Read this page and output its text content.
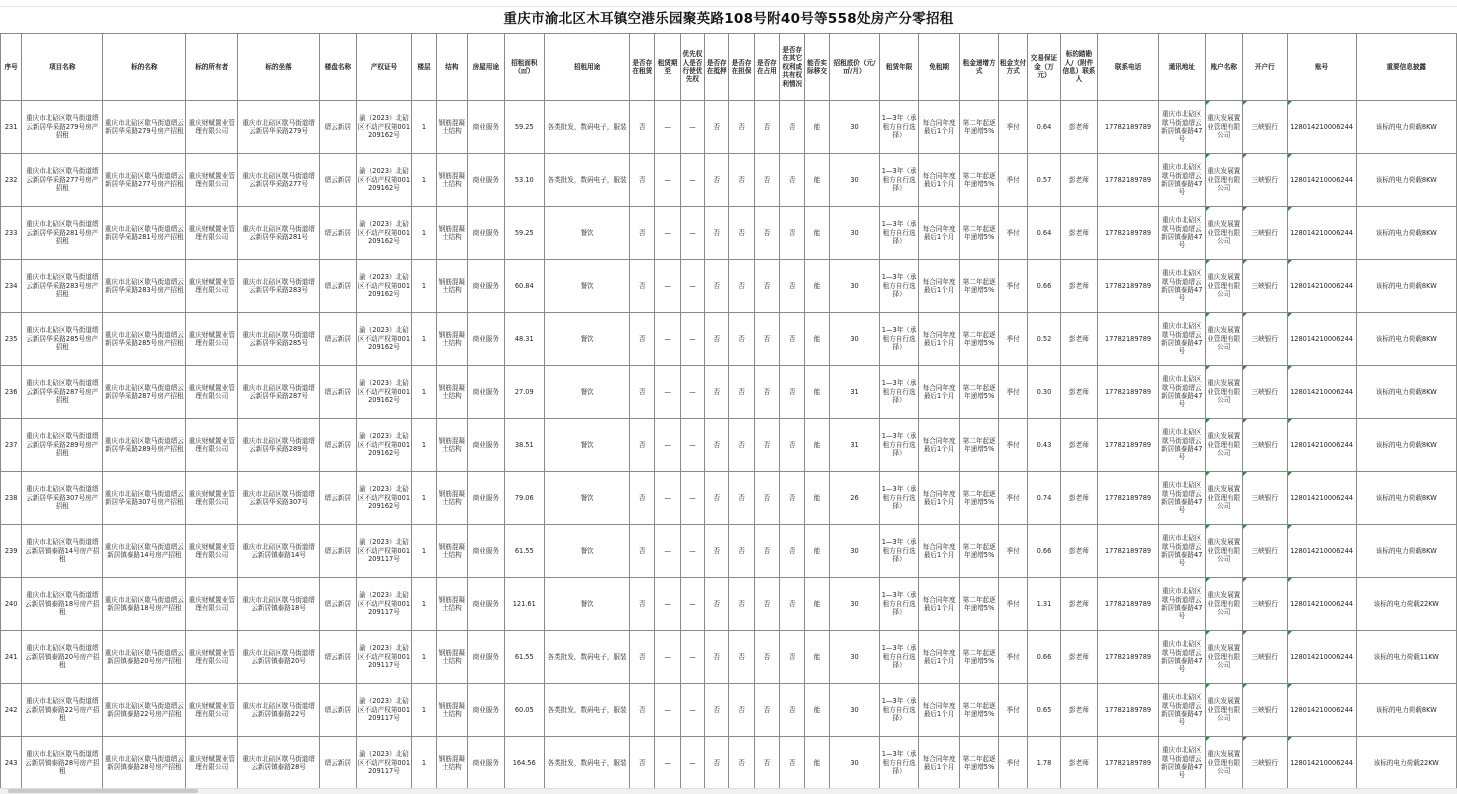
重庆市渝北区木耳镇空港乐园聚英路108号附40号等558处房产分零招租
序号	项目名称	标的名称	标的所有者	标的坐落	楼盘名称	产权证号	楼层	结构	房屋用途	招租面积（㎡）	招租用途	是否存在租赁	租赁期至	优先权人是否行使优先权	是否存在抵押	是否存在担保	是否存在占用	是否存在其它权利或共有权利情况	能否实际移交	招租底价（元/㎡/月）	租赁年限	免租期	租金递增方式	租金支付方式	交易保证金（万元）	标的踏勘人/（附件信息）联系人	联系电话	通讯地址	账户名称	开户行	账号	重要信息披露
231	重庆市北碚区歇马街道缙云新居华采路279号房产招租	重庆市北碚区歇马街道缙云新居华采路279号房产招租	重庆财赋置业管理有限公司	重庆市北碚区歇马街道缙云新居华采路279号	缙云新居	渝（2023）北碚区不动产权第001209162号	1	钢筋混凝土结构	商业服务	59.25	各类批发，数码电子，服装	否	—	—	否	否	否	否	能	30	1—3年（承租方自行选择）	每合同年度最后1个月	第二年起逐年递增5%	季付	0.64	彭老师	17782189789	重庆市北碚区歇马街道缙云新居镇泰路47号	重庆发展置业管理有限公司	三峡银行	128014210006244	该标的电力荷载8KW
232	重庆市北碚区歇马街道缙云新居华采路277号房产招租	重庆市北碚区歇马街道缙云新居华采路277号房产招租	重庆财赋置业管理有限公司	重庆市北碚区歇马街道缙云新居华采路277号	缙云新居	渝（2023）北碚区不动产权第001209162号	1	钢筋混凝土结构	商业服务	53.10	各类批发，数码电子，服装	否	—	—	否	否	否	否	能	30	1—3年（承租方自行选择）	每合同年度最后1个月	第二年起逐年递增5%	季付	0.57	彭老师	17782189789	重庆市北碚区歇马街道缙云新居镇泰路47号	重庆发展置业管理有限公司	三峡银行	128014210006244	该标的电力荷载8KW
233	重庆市北碚区歇马街道缙云新居华采路281号房产招租	重庆市北碚区歇马街道缙云新居华采路281号房产招租	重庆财赋置业管理有限公司	重庆市北碚区歇马街道缙云新居华采路281号	缙云新居	渝（2023）北碚区不动产权第001209162号	1	钢筋混凝土结构	商业服务	59.25	餐饮	否	—	—	否	否	否	否	能	30	1—3年（承租方自行选择）	每合同年度最后1个月	第二年起逐年递增5%	季付	0.64	彭老师	17782189789	重庆市北碚区歇马街道缙云新居镇泰路47号	重庆发展置业管理有限公司	三峡银行	128014210006244	该标的电力荷载8KW
234	重庆市北碚区歇马街道缙云新居华采路283号房产招租	重庆市北碚区歇马街道缙云新居华采路283号房产招租	重庆财赋置业管理有限公司	重庆市北碚区歇马街道缙云新居华采路283号	缙云新居	渝（2023）北碚区不动产权第001209162号	1	钢筋混凝土结构	商业服务	60.84	餐饮	否	—	—	否	否	否	否	能	30	1—3年（承租方自行选择）	每合同年度最后1个月	第二年起逐年递增5%	季付	0.66	彭老师	17782189789	重庆市北碚区歇马街道缙云新居镇泰路47号	重庆发展置业管理有限公司	三峡银行	128014210006244	该标的电力荷载8KW
235	重庆市北碚区歇马街道缙云新居华采路285号房产招租	重庆市北碚区歇马街道缙云新居华采路285号房产招租	重庆财赋置业管理有限公司	重庆市北碚区歇马街道缙云新居华采路285号	缙云新居	渝（2023）北碚区不动产权第001209162号	1	钢筋混凝土结构	商业服务	48.31	餐饮	否	—	—	否	否	否	否	能	30	1—3年（承租方自行选择）	每合同年度最后1个月	第二年起逐年递增5%	季付	0.52	彭老师	17782189789	重庆市北碚区歇马街道缙云新居镇泰路47号	重庆发展置业管理有限公司	三峡银行	128014210006244	该标的电力荷载8KW
236	重庆市北碚区歇马街道缙云新居华采路287号房产招租	重庆市北碚区歇马街道缙云新居华采路287号房产招租	重庆财赋置业管理有限公司	重庆市北碚区歇马街道缙云新居华采路287号	缙云新居	渝（2023）北碚区不动产权第001209162号	1	钢筋混凝土结构	商业服务	27.09	餐饮	否	—	—	否	否	否	否	能	31	1—3年（承租方自行选择）	每合同年度最后1个月	第二年起逐年递增5%	季付	0.30	彭老师	17782189789	重庆市北碚区歇马街道缙云新居镇泰路47号	重庆发展置业管理有限公司	三峡银行	128014210006244	该标的电力荷载8KW
237	重庆市北碚区歇马街道缙云新居华采路289号房产招租	重庆市北碚区歇马街道缙云新居华采路289号房产招租	重庆财赋置业管理有限公司	重庆市北碚区歇马街道缙云新居华采路289号	缙云新居	渝（2023）北碚区不动产权第001209162号	1	钢筋混凝土结构	商业服务	38.51	餐饮	否	—	—	否	否	否	否	能	31	1—3年（承租方自行选择）	每合同年度最后1个月	第二年起逐年递增5%	季付	0.43	彭老师	17782189789	重庆市北碚区歇马街道缙云新居镇泰路47号	重庆发展置业管理有限公司	三峡银行	128014210006244	该标的电力荷载8KW
238	重庆市北碚区歇马街道缙云新居华采路307号房产招租	重庆市北碚区歇马街道缙云新居华采路307号房产招租	重庆财赋置业管理有限公司	重庆市北碚区歇马街道缙云新居华采路307号	缙云新居	渝（2023）北碚区不动产权第001209162号	1	钢筋混凝土结构	商业服务	79.06	餐饮	否	—	—	否	否	否	否	能	26	1—3年（承租方自行选择）	每合同年度最后1个月	第二年起逐年递增5%	季付	0.74	彭老师	17782189789	重庆市北碚区歇马街道缙云新居镇泰路47号	重庆发展置业管理有限公司	三峡银行	128014210006244	该标的电力荷载8KW
239	重庆市北碚区歇马街道缙云新居镇泰路14号房产招租	重庆市北碚区歇马街道缙云新居镇泰路14号房产招租	重庆财赋置业管理有限公司	重庆市北碚区歇马街道缙云新居镇泰路14号	缙云新居	渝（2023）北碚区不动产权第001209117号	1	钢筋混凝土结构	商业服务	61.55	餐饮	否	—	—	否	否	否	否	能	30	1—3年（承租方自行选择）	每合同年度最后1个月	第二年起逐年递增5%	季付	0.66	彭老师	17782189789	重庆市北碚区歇马街道缙云新居镇泰路47号	重庆发展置业管理有限公司	三峡银行	128014210006244	该标的电力荷载8KW
240	重庆市北碚区歇马街道缙云新居镇泰路18号房产招租	重庆市北碚区歇马街道缙云新居镇泰路18号房产招租	重庆财赋置业管理有限公司	重庆市北碚区歇马街道缙云新居镇泰路18号	缙云新居	渝（2023）北碚区不动产权第001209117号	1	钢筋混凝土结构	商业服务	121.61	餐饮	否	—	—	否	否	否	否	能	30	1—3年（承租方自行选择）	每合同年度最后1个月	第二年起逐年递增5%	季付	1.31	彭老师	17782189789	重庆市北碚区歇马街道缙云新居镇泰路47号	重庆发展置业管理有限公司	三峡银行	128014210006244	该标的电力荷载22KW
241	重庆市北碚区歇马街道缙云新居镇泰路20号房产招租	重庆市北碚区歇马街道缙云新居镇泰路20号房产招租	重庆财赋置业管理有限公司	重庆市北碚区歇马街道缙云新居镇泰路20号	缙云新居	渝（2023）北碚区不动产权第001209117号	1	钢筋混凝土结构	商业服务	61.55	各类批发，数码电子，服装	否	—	—	否	否	否	否	能	30	1—3年（承租方自行选择）	每合同年度最后1个月	第二年起逐年递增5%	季付	0.66	彭老师	17782189789	重庆市北碚区歇马街道缙云新居镇泰路47号	重庆发展置业管理有限公司	三峡银行	128014210006244	该标的电力荷载11KW
242	重庆市北碚区歇马街道缙云新居镇泰路22号房产招租	重庆市北碚区歇马街道缙云新居镇泰路22号房产招租	重庆财赋置业管理有限公司	重庆市北碚区歇马街道缙云新居镇泰路22号	缙云新居	渝（2023）北碚区不动产权第001209117号	1	钢筋混凝土结构	商业服务	60.05	各类批发，数码电子，服装	否	—	—	否	否	否	否	能	30	1—3年（承租方自行选择）	每合同年度最后1个月	第二年起逐年递增5%	季付	0.65	彭老师	17782189789	重庆市北碚区歇马街道缙云新居镇泰路47号	重庆发展置业管理有限公司	三峡银行	128014210006244	该标的电力荷载8KW
243	重庆市北碚区歇马街道缙云新居镇泰路28号房产招租	重庆市北碚区歇马街道缙云新居镇泰路28号房产招租	重庆财赋置业管理有限公司	重庆市北碚区歇马街道缙云新居镇泰路28号	缙云新居	渝（2023）北碚区不动产权第001209117号	1	钢筋混凝土结构	商业服务	164.56	各类批发，数码电子，服装	否	—	—	否	否	否	否	能	30	1—3年（承租方自行选择）	每合同年度最后1个月	第二年起逐年递增5%	季付	1.78	彭老师	17782189789	重庆市北碚区歇马街道缙云新居镇泰路47号	重庆发展置业管理有限公司	三峡银行	128014210006244	该标的电力荷载22KW
